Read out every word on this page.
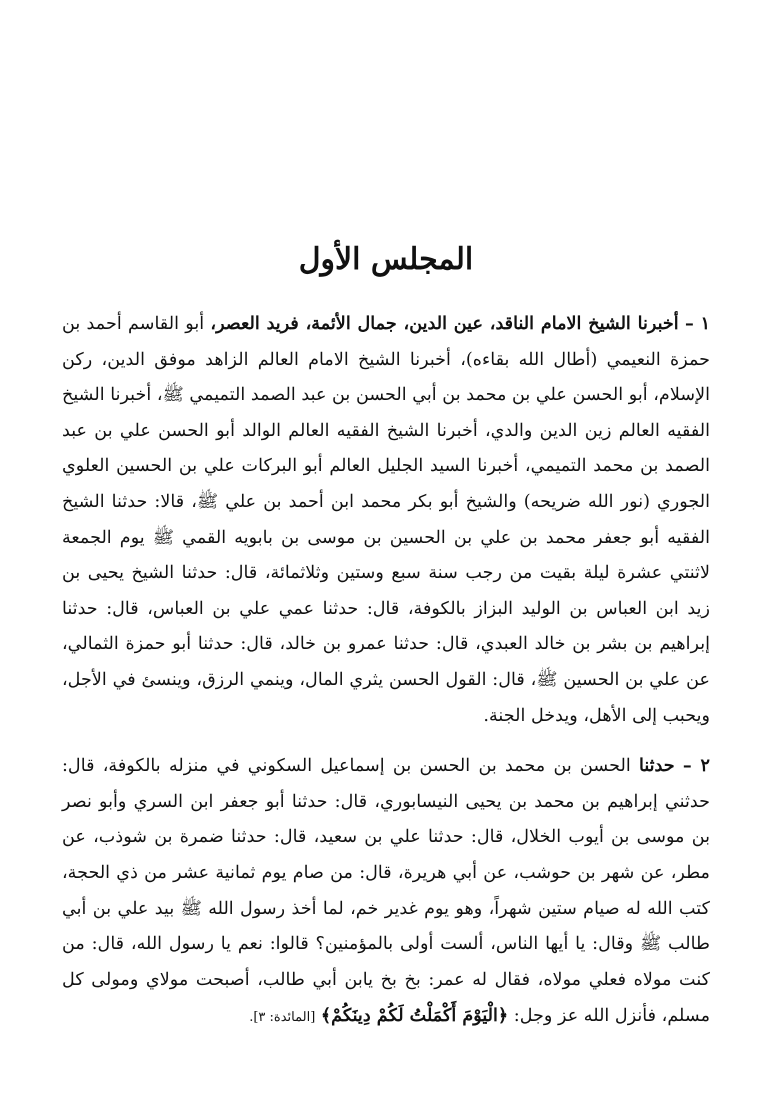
المجلس الأول

١ – أخبرنا الشيخ الامام الناقد، عين الدين، جمال الأئمة، فريد العصر، أبو القاسم أحمد بن حمزة النعيمي (أطال الله بقاءه)، أخبرنا الشيخ الامام العالم الزاهد موفق الدين، ركن الإسلام، أبو الحسن علي بن محمد بن أبي الحسن بن عبد الصمد التميمي ﷺ، أخبرنا الشيخ الفقيه العالم زين الدين والدي، أخبرنا الشيخ الفقيه العالم الوالد أبو الحسن علي بن عبد الصمد بن محمد التميمي، أخبرنا السيد الجليل العالم أبو البركات علي بن الحسين العلوي الجوري (نور الله ضريحه) والشيخ أبو بكر محمد ابن أحمد بن علي ﷺ، قالا: حدثنا الشيخ الفقيه أبو جعفر محمد بن علي بن الحسين بن موسى بن بابويه القمي ﷺ يوم الجمعة لاثنتي عشرة ليلة بقيت من رجب سنة سبع وستين وثلاثمائة، قال: حدثنا الشيخ يحيى بن زيد ابن العباس بن الوليد البزاز بالكوفة، قال: حدثنا عمي علي بن العباس، قال: حدثنا إبراهيم بن بشر بن خالد العبدي، قال: حدثنا عمرو بن خالد، قال: حدثنا أبو حمزة الثمالي، عن علي بن الحسين ﷺ، قال: القول الحسن يثري المال، وينمي الرزق، وينسئ في الأجل، ويحبب إلى الأهل، ويدخل الجنة.

٢ – حدثنا الحسن بن محمد بن الحسن بن إسماعيل السكوني في منزله بالكوفة، قال: حدثني إبراهيم بن محمد بن يحيى النيسابوري، قال: حدثنا أبو جعفر ابن السري وأبو نصر بن موسى بن أيوب الخلال، قال: حدثنا علي بن سعيد، قال: حدثنا ضمرة بن شوذب، عن مطر، عن شهر بن حوشب، عن أبي هريرة، قال: من صام يوم ثمانية عشر من ذي الحجة، كتب الله له صيام ستين شهراً، وهو يوم غدير خم، لما أخذ رسول الله ﷺ بيد علي بن أبي طالب ﷺ وقال: يا أيها الناس، ألست أولى بالمؤمنين؟ قالوا: نعم يا رسول الله، قال: من كنت مولاه فعلي مولاه، فقال له عمر: بخ بخ يابن أبي طالب، أصبحت مولاي ومولى كل مسلم، فأنزل الله عز وجل: ﴿الْيَوْمَ أَكْمَلْتُ لَكُمْ دِينَكُمْ﴾ [المائدة: ٣].
